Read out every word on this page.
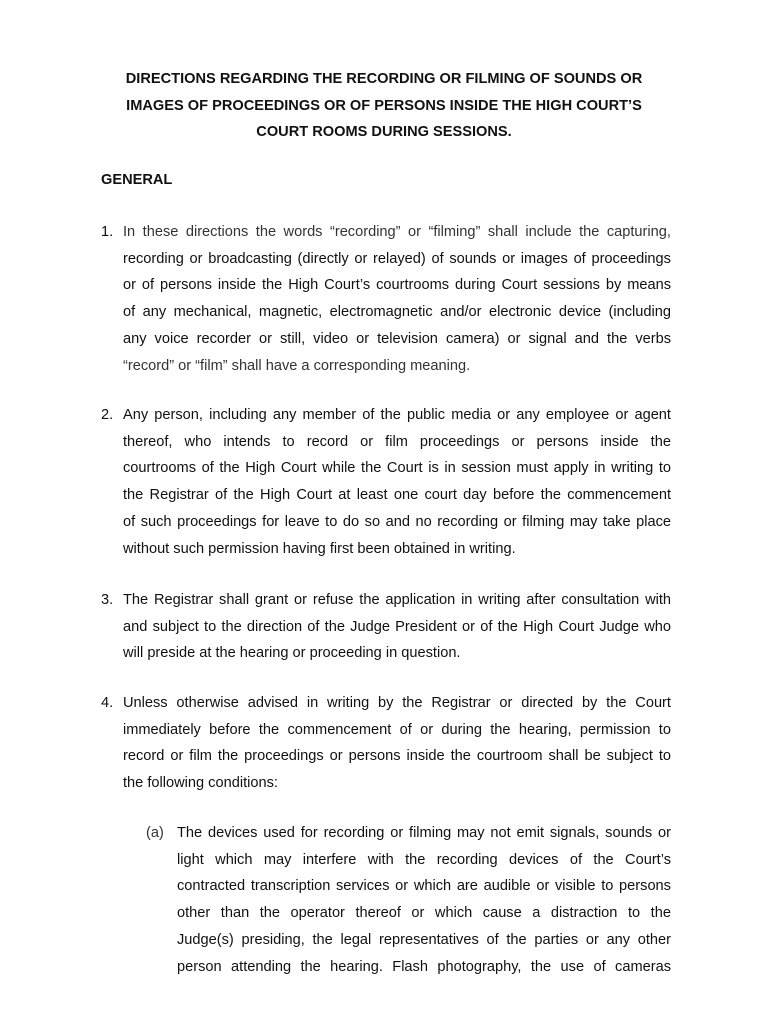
DIRECTIONS REGARDING THE RECORDING OR FILMING OF SOUNDS OR
IMAGES OF PROCEEDINGS OR OF PERSONS INSIDE THE HIGH COURT’S
COURT ROOMS DURING SESSIONS.
GENERAL
1. In these directions the words “recording” or “filming” shall include the capturing,
recording or broadcasting (directly or relayed) of sounds or images of proceedings
or of persons inside the High Court’s courtrooms during Court sessions by means
of any mechanical, magnetic, electromagnetic and/or electronic device (including
any voice recorder or still, video or television camera) or signal and the verbs
“record” or “film” shall have a corresponding meaning.
2. Any person, including any member of the public media or any employee or agent
thereof, who intends to record or film proceedings or persons inside the
courtrooms of the High Court while the Court is in session must apply in writing to
the Registrar of the High Court at least one court day before the commencement
of such proceedings for leave to do so and no recording or filming may take place
without such permission having first been obtained in writing.
3. The Registrar shall grant or refuse the application in writing after consultation with
and subject to the direction of the Judge President or of the High Court Judge who
will preside at the hearing or proceeding in question.
4. Unless otherwise advised in writing by the Registrar or directed by the Court
immediately before the commencement of or during the hearing, permission to
record or film the proceedings or persons inside the courtroom shall be subject to
the following conditions:
(a) The devices used for recording or filming may not emit signals, sounds or
light which may interfere with the recording devices of the Court’s
contracted transcription services or which are audible or visible to persons
other than the operator thereof or which cause a distraction to the
Judge(s) presiding, the legal representatives of the parties or any other
person attending the hearing. Flash photography, the use of cameras
